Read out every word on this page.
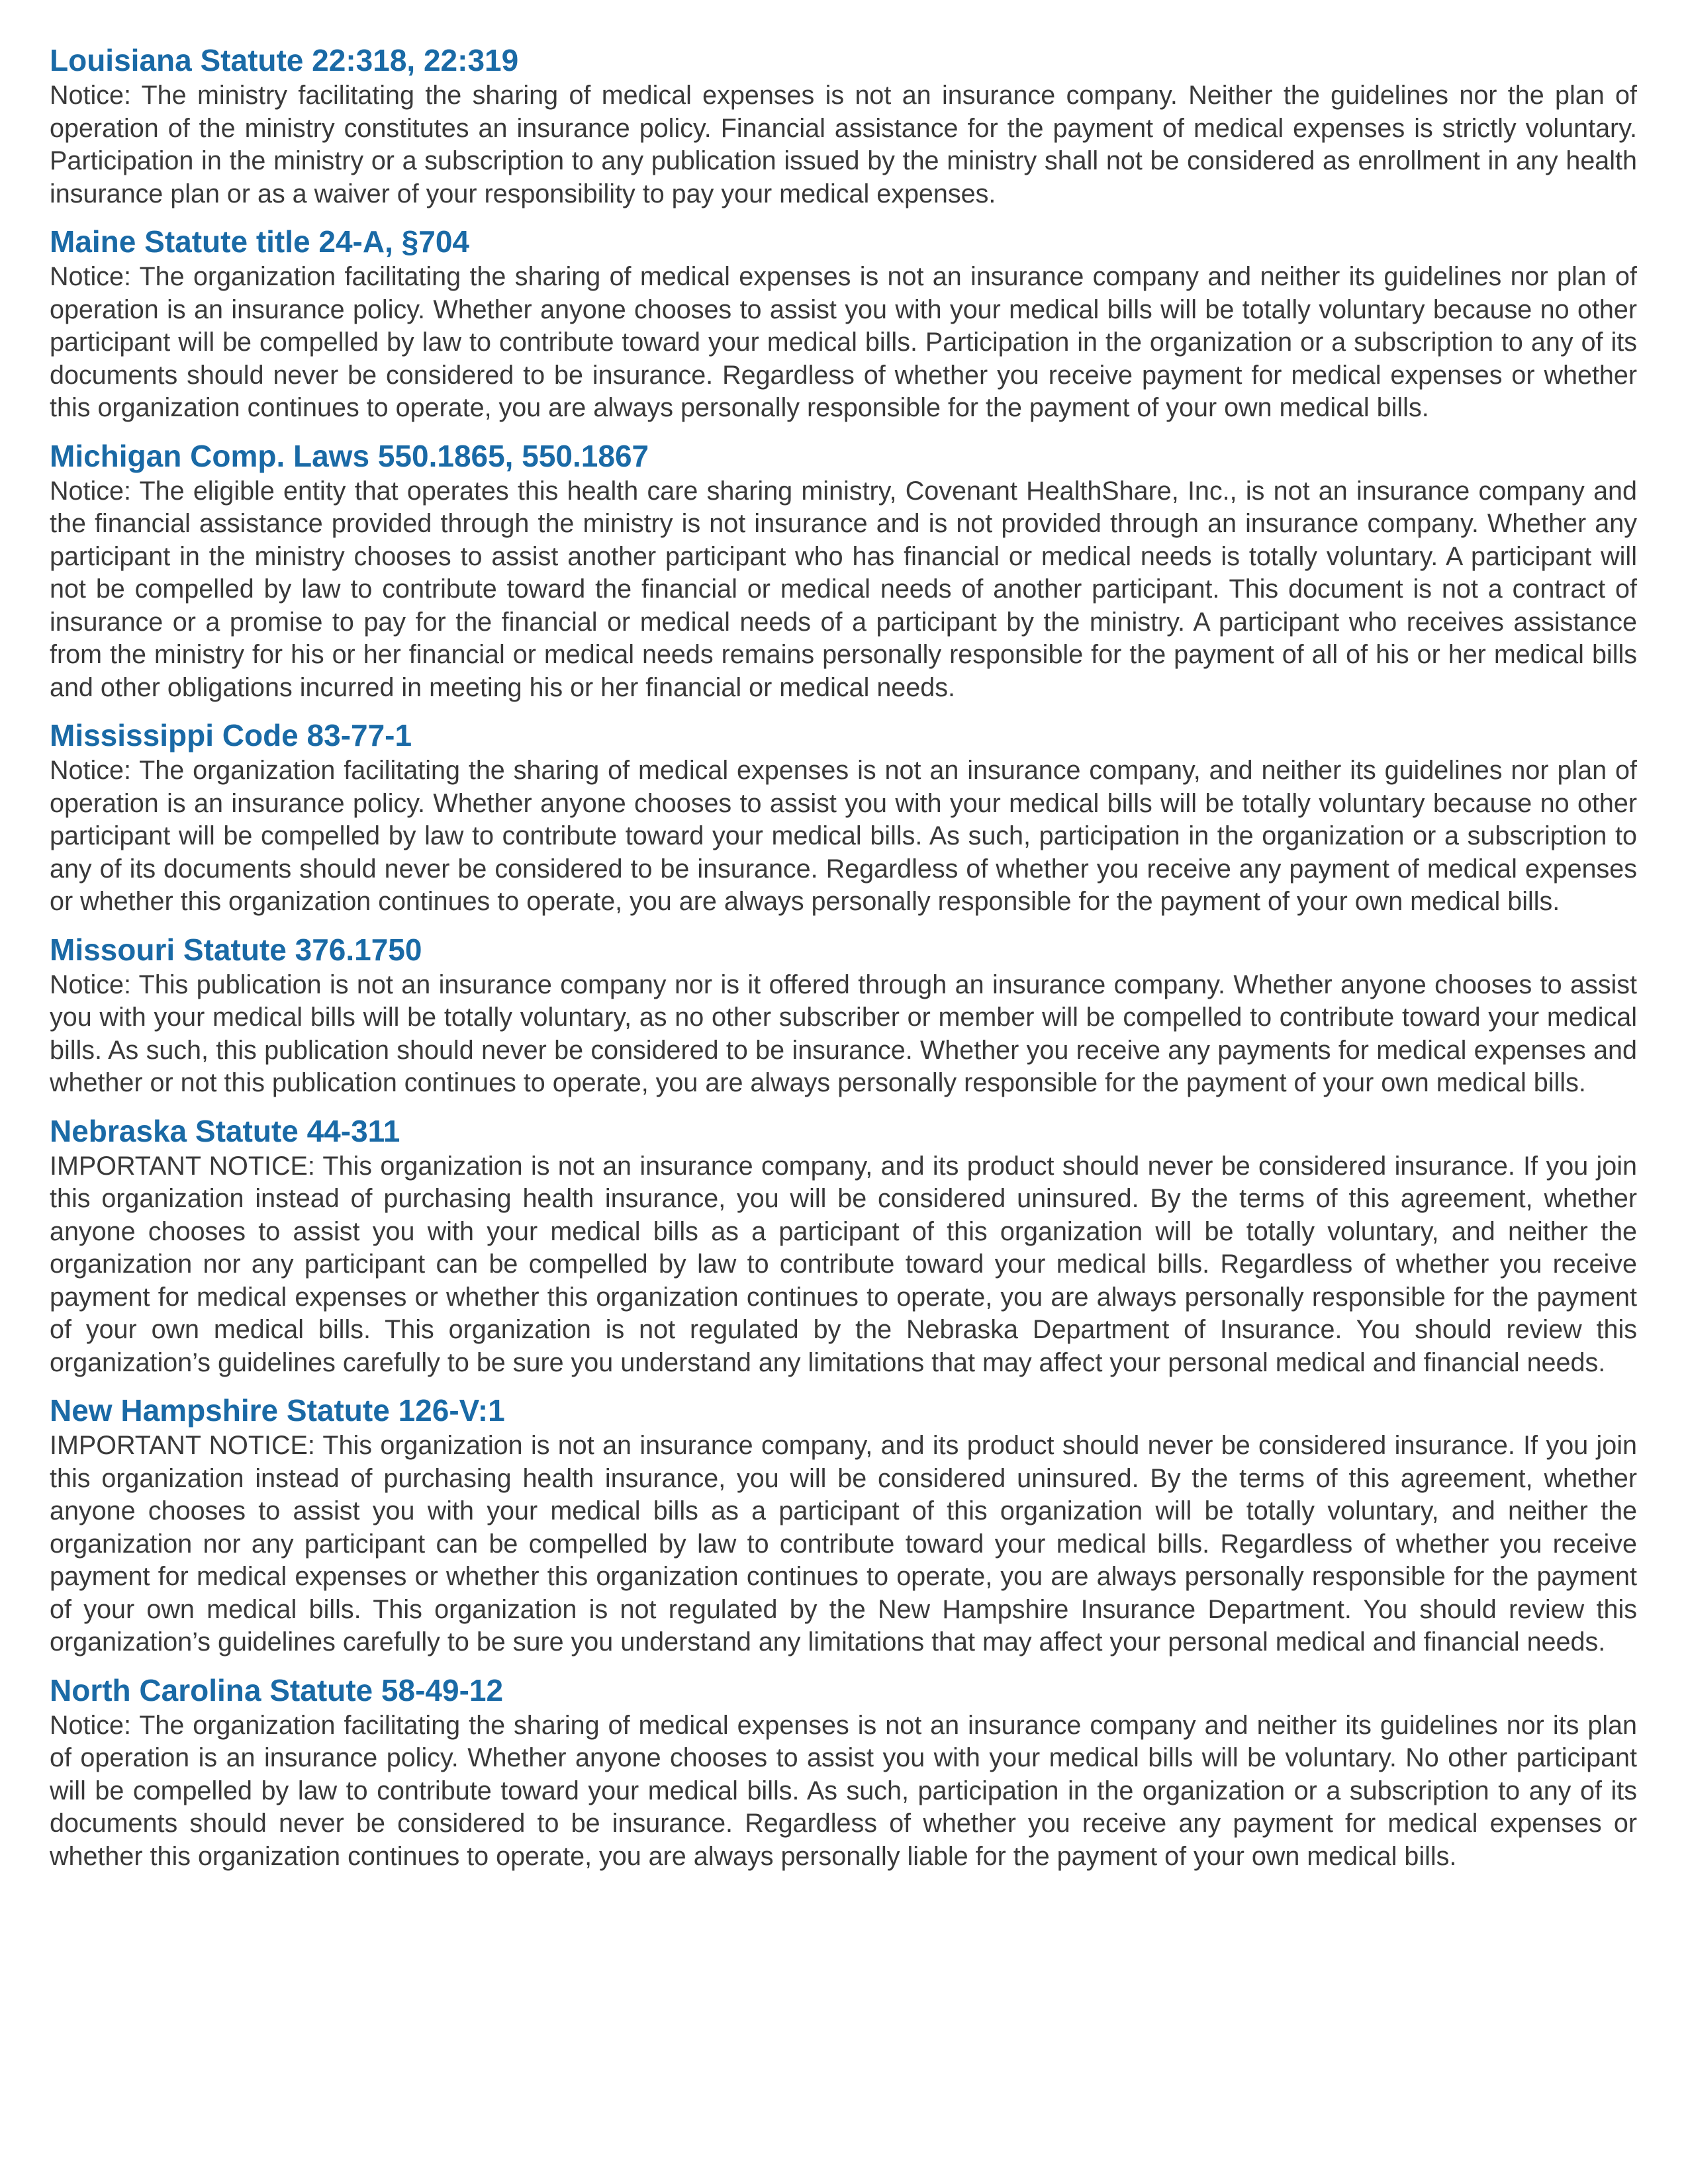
Louisiana Statute 22:318, 22:319

Notice: The ministry facilitating the sharing of medical expenses is not an insurance company. Neither the guidelines nor the plan of operation of the ministry constitutes an insurance policy. Financial assistance for the payment of medical expenses is strictly voluntary. Participation in the ministry or a subscription to any publication issued by the ministry shall not be considered as enrollment in any health insurance plan or as a waiver of your responsibility to pay your medical expenses.

Maine Statute title 24-A, §704

Notice: The organization facilitating the sharing of medical expenses is not an insurance company and neither its guidelines nor plan of operation is an insurance policy. Whether anyone chooses to assist you with your medical bills will be totally voluntary because no other participant will be compelled by law to contribute toward your medical bills. Participation in the organization or a subscription to any of its documents should never be considered to be insurance. Regardless of whether you receive payment for medical expenses or whether this organization continues to operate, you are always personally responsible for the payment of your own medical bills.

Michigan Comp. Laws 550.1865, 550.1867

Notice: The eligible entity that operates this health care sharing ministry, Covenant HealthShare, Inc., is not an insurance company and the financial assistance provided through the ministry is not insurance and is not provided through an insurance company. Whether any participant in the ministry chooses to assist another participant who has financial or medical needs is totally voluntary. A participant will not be compelled by law to contribute toward the financial or medical needs of another participant. This document is not a contract of insurance or a promise to pay for the financial or medical needs of a participant by the ministry. A participant who receives assistance from the ministry for his or her financial or medical needs remains personally responsible for the payment of all of his or her medical bills and other obligations incurred in meeting his or her financial or medical needs.

Mississippi Code 83-77-1

Notice: The organization facilitating the sharing of medical expenses is not an insurance company, and neither its guidelines nor plan of operation is an insurance policy. Whether anyone chooses to assist you with your medical bills will be totally voluntary because no other participant will be compelled by law to contribute toward your medical bills. As such, participation in the organization or a subscription to any of its documents should never be considered to be insurance. Regardless of whether you receive any payment of medical expenses or whether this organization continues to operate, you are always personally responsible for the payment of your own medical bills.

Missouri Statute 376.1750

Notice: This publication is not an insurance company nor is it offered through an insurance company. Whether anyone chooses to assist you with your medical bills will be totally voluntary, as no other subscriber or member will be compelled to contribute toward your medical bills. As such, this publication should never be considered to be insurance. Whether you receive any payments for medical expenses and whether or not this publication continues to operate, you are always personally responsible for the payment of your own medical bills.

Nebraska Statute 44-311

IMPORTANT NOTICE: This organization is not an insurance company, and its product should never be considered insurance. If you join this organization instead of purchasing health insurance, you will be considered uninsured. By the terms of this agreement, whether anyone chooses to assist you with your medical bills as a participant of this organization will be totally voluntary, and neither the organization nor any participant can be compelled by law to contribute toward your medical bills. Regardless of whether you receive payment for medical expenses or whether this organization continues to operate, you are always personally responsible for the payment of your own medical bills. This organization is not regulated by the Nebraska Department of Insurance. You should review this organization’s guidelines carefully to be sure you understand any limitations that may affect your personal medical and financial needs.

New Hampshire Statute 126-V:1

IMPORTANT NOTICE: This organization is not an insurance company, and its product should never be considered insurance. If you join this organization instead of purchasing health insurance, you will be considered uninsured. By the terms of this agreement, whether anyone chooses to assist you with your medical bills as a participant of this organization will be totally voluntary, and neither the organization nor any participant can be compelled by law to contribute toward your medical bills. Regardless of whether you receive payment for medical expenses or whether this organization continues to operate, you are always personally responsible for the payment of your own medical bills. This organization is not regulated by the New Hampshire Insurance Department. You should review this organization’s guidelines carefully to be sure you understand any limitations that may affect your personal medical and financial needs.

North Carolina Statute 58-49-12

Notice: The organization facilitating the sharing of medical expenses is not an insurance company and neither its guidelines nor its plan of operation is an insurance policy. Whether anyone chooses to assist you with your medical bills will be voluntary. No other participant will be compelled by law to contribute toward your medical bills. As such, participation in the organization or a subscription to any of its documents should never be considered to be insurance. Regardless of whether you receive any payment for medical expenses or whether this organization continues to operate, you are always personally liable for the payment of your own medical bills.
